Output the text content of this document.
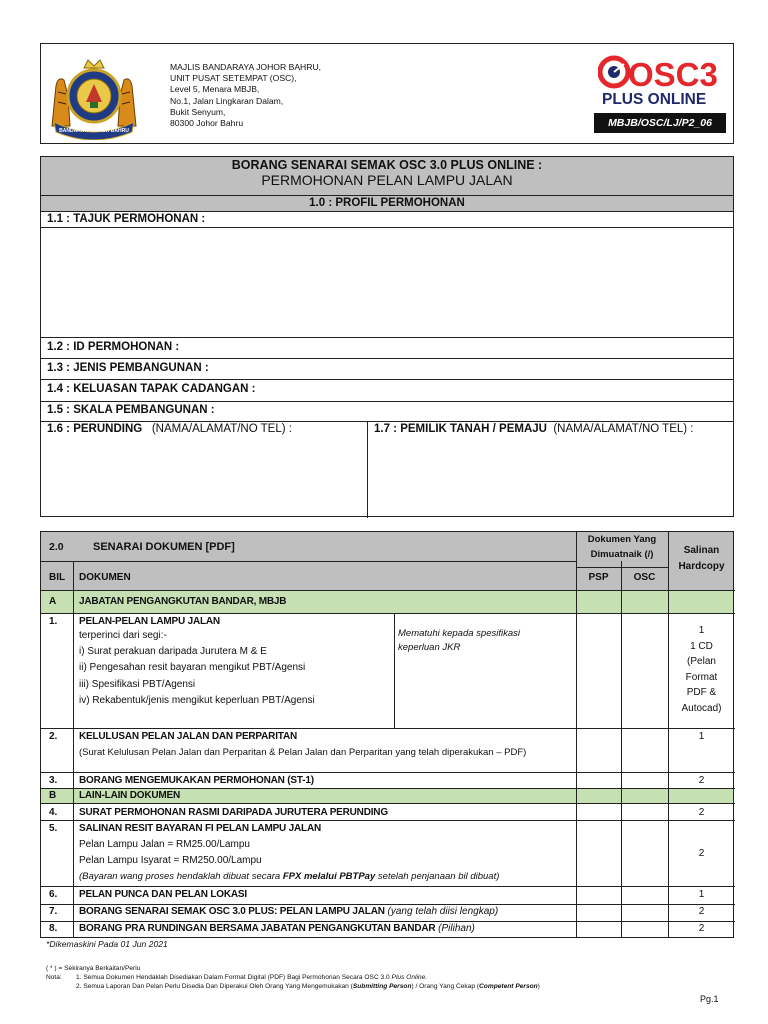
BANDARAYA JOHOR BAHRU
MAJLIS BANDARAYA JOHOR BAHRU,
UNIT PUSAT SETEMPAT (OSC),
Level 5, Menara MBJB,
No.1, Jalan Lingkaran Dalam,
Bukit Senyum,
80300 Johor Bahru
OSC3
PLUS ONLINE
MBJB/OSC/LJ/P2_06
BORANG SENARAI SEMAK OSC 3.0 PLUS ONLINE :
PERMOHONAN PELAN LAMPU JALAN
1.0 : PROFIL PERMOHONAN
1.1 : TAJUK PERMOHONAN :
1.2 : ID PERMOHONAN :
1.3 : JENIS PEMBANGUNAN :
1.4 : KELUASAN TAPAK CADANGAN :
1.5 : SKALA PEMBANGUNAN :
1.6 : PERUNDING (NAMA/ALAMAT/NO TEL) :	1.7 : PEMILIK TANAH / PEMAJU (NAMA/ALAMAT/NO TEL) :
2.0	SENARAI DOKUMEN [PDF]
Dokumen Yang
Dimuatnaik (/)	Salinan
Hardcopy
BIL DOKUMEN	PSP	OSC
A JABATAN PENGANGKUTAN BANDAR, MBJB
1. PELAN-PELAN LAMPU JALAN
terperinci dari segi:-
i) Surat perakuan daripada Jurutera M & E
ii) Pengesahan resit bayaran mengikut PBT/Agensi
iii) Spesifikasi PBT/Agensi
iv) Rekabentuk/jenis mengikut keperluan PBT/Agensi
Mematuhi kepada spesifikasi
keperluan JKR
1
1 CD
(Pelan
Format
PDF &
Autocad)
2. KELULUSAN PELAN JALAN DAN PERPARITAN
(Surat Kelulusan Pelan Jalan dan Perparitan & Pelan Jalan dan Perparitan yang telah diperakukan – PDF)
1
3. BORANG MENGEMUKAKAN PERMOHONAN (ST-1)	2
B LAIN-LAIN DOKUMEN
4. SURAT PERMOHONAN RASMI DARIPADA JURUTERA PERUNDING	2
5. SALINAN RESIT BAYARAN FI PELAN LAMPU JALAN
Pelan Lampu Jalan = RM25.00/Lampu
Pelan Lampu Isyarat = RM250.00/Lampu
(Bayaran wang proses hendaklah dibuat secara FPX melalui PBTPay setelah penjanaan bil dibuat)
2
6. PELAN PUNCA DAN PELAN LOKASI	1
7. BORANG SENARAI SEMAK OSC 3.0 PLUS: PELAN LAMPU JALAN (yang telah diisi lengkap)	2
8. BORANG PRA RUNDINGAN BERSAMA JABATAN PENGANGKUTAN BANDAR (Pilihan)	2
*Dikemaskini Pada 01 Jun 2021
( * ) = Sekiranya Berkaitan/Perlu
Nota: 1. Semua Dokumen Hendaklah Disediakan Dalam Format Digital (PDF) Bagi Permohonan Secara OSC 3.0 Plus Online.
2. Semua Laporan Dan Pelan Perlu Disedia Dan Diperakui Oleh Orang Yang Mengemukakan (Submitting Person) / Orang Yang Cekap (Competent Person)
Pg.1
